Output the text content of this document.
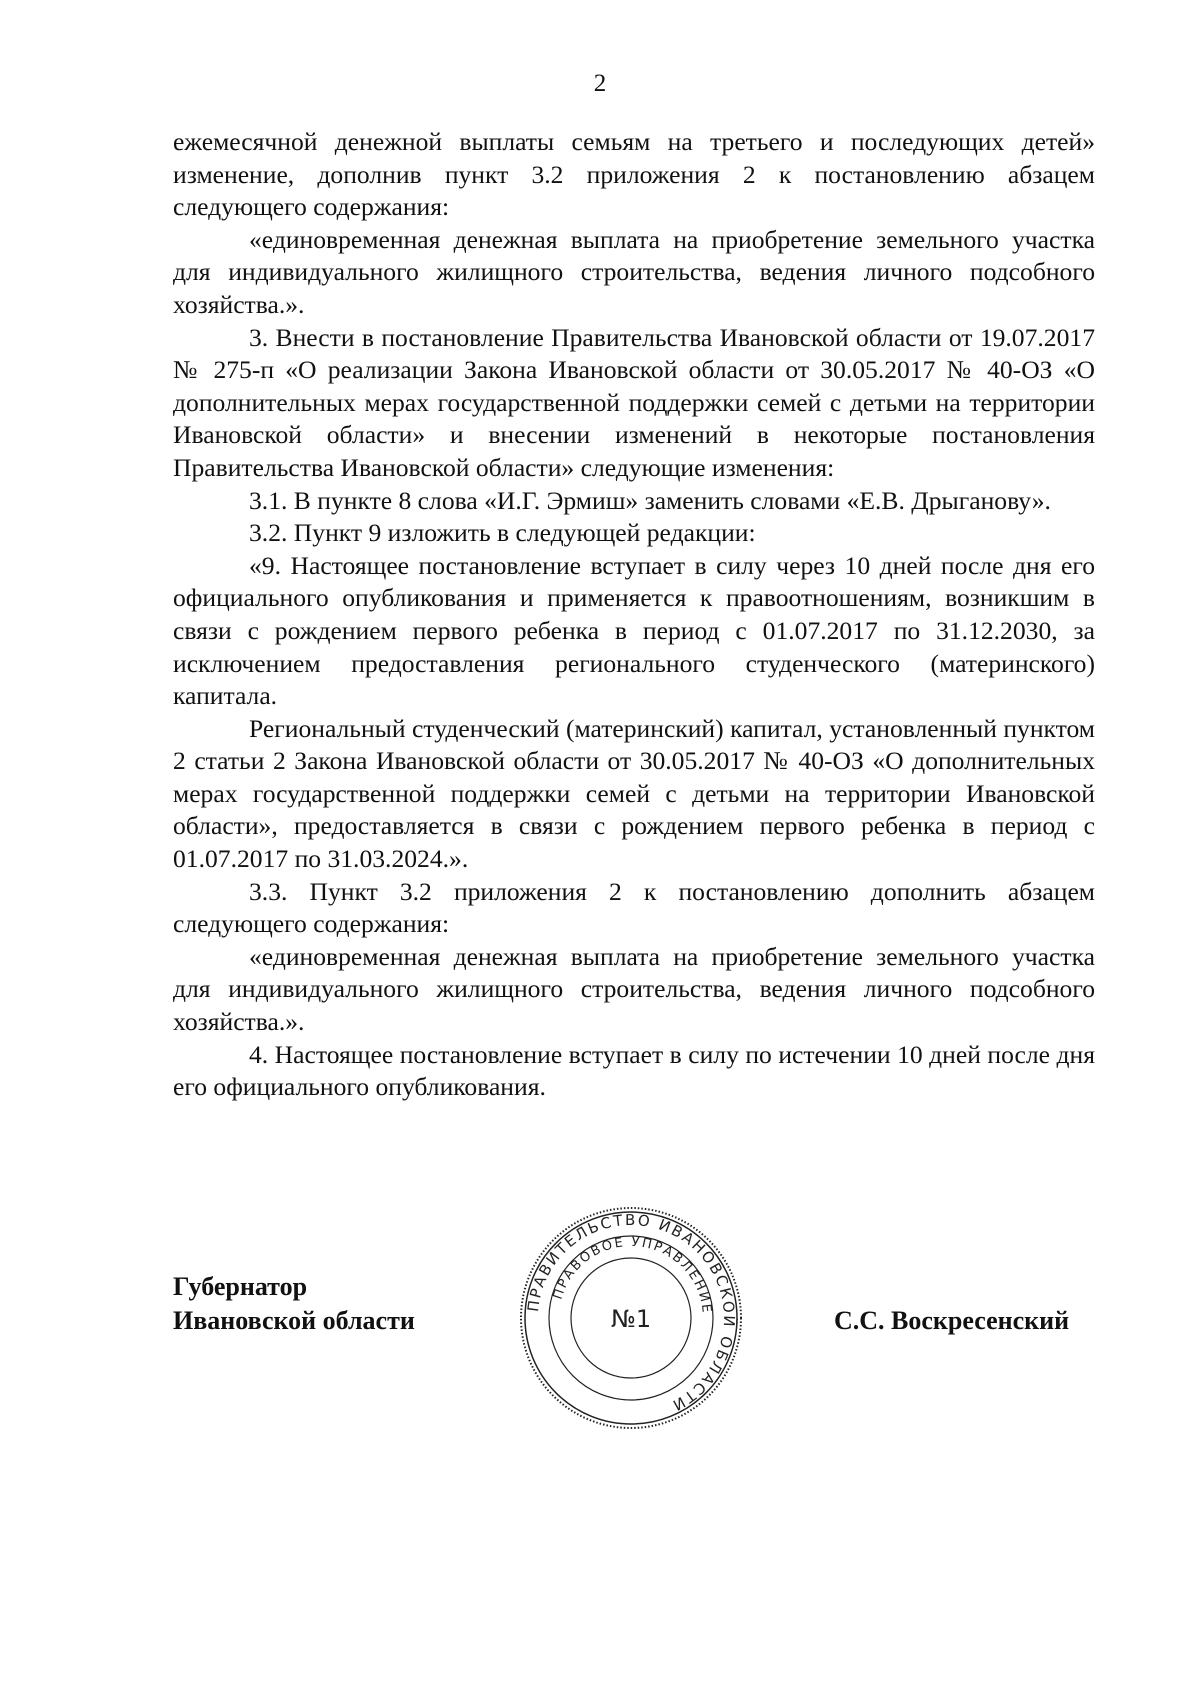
2

ежемесячной денежной выплаты семьям на третьего и последующих детей» изменение, дополнив пункт 3.2 приложения 2 к постановлению абзацем следующего содержания:

«единовременная денежная выплата на приобретение земельного участка для индивидуального жилищного строительства, ведения личного подсобного хозяйства.».

3. Внести в постановление Правительства Ивановской области от 19.07.2017 № 275-п «О реализации Закона Ивановской области от 30.05.2017 № 40-ОЗ «О дополнительных мерах государственной поддержки семей с детьми на территории Ивановской области» и внесении изменений в некоторые постановления Правительства Ивановской области» следующие изменения:

3.1. В пункте 8 слова «И.Г. Эрмиш» заменить словами «Е.В. Дрыганову».

3.2. Пункт 9 изложить в следующей редакции:

«9. Настоящее постановление вступает в силу через 10 дней после дня его официального опубликования и применяется к правоотношениям, возникшим в связи с рождением первого ребенка в период с 01.07.2017 по 31.12.2030, за исключением предоставления регионального студенческого (материнского) капитала.

Региональный студенческий (материнский) капитал, установленный пунктом 2 статьи 2 Закона Ивановской области от 30.05.2017 № 40-ОЗ «О дополнительных мерах государственной поддержки семей с детьми на территории Ивановской области», предоставляется в связи с рождением первого ребенка в период с 01.07.2017 по 31.03.2024.».

3.3. Пункт 3.2 приложения 2 к постановлению дополнить абзацем следующего содержания:

«единовременная денежная выплата на приобретение земельного участка для индивидуального жилищного строительства, ведения личного подсобного хозяйства.».

4. Настоящее постановление вступает в силу по истечении 10 дней после дня его официального опубликования.

Губернатор
Ивановской области
ПРАВИТЕЛЬСТВО ИВАНОВСКОЙ ОБЛАСТИ
ПРАВОВОЕ УПРАВЛЕНИЕ
№1	С.С. Воскресенский
